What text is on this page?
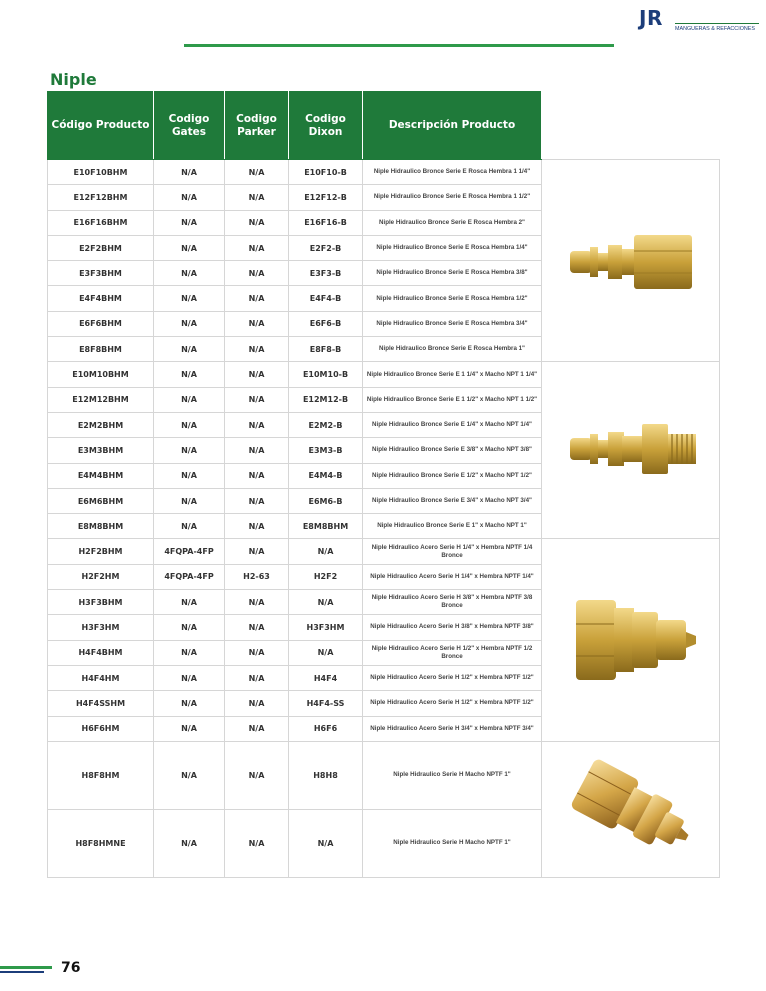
JR MANGUERAS & REFACCIONES
Niple
Código Producto	Codigo Gates	Codigo Parker	Codigo Dixon	Descripción Producto	
E10F10BHM	N/A	N/A	E10F10-B	Niple Hidraulico Bronce Serie E Rosca Hembra 1 1/4"	

E12F12BHM	N/A	N/A	E12F12-B	Niple Hidraulico Bronce Serie E Rosca Hembra 1 1/2"	
E16F16BHM	N/A	N/A	E16F16-B	Niple Hidraulico Bronce Serie E Rosca Hembra 2"	
E2F2BHM	N/A	N/A	E2F2-B	Niple Hidraulico Bronce Serie E Rosca Hembra 1/4"	
E3F3BHM	N/A	N/A	E3F3-B	Niple Hidraulico Bronce Serie E Rosca Hembra 3/8"	
E4F4BHM	N/A	N/A	E4F4-B	Niple Hidraulico Bronce Serie E Rosca Hembra 1/2"	
E6F6BHM	N/A	N/A	E6F6-B	Niple Hidraulico Bronce Serie E Rosca Hembra 3/4"	
E8F8BHM	N/A	N/A	E8F8-B	Niple Hidraulico Bronce Serie E Rosca Hembra 1"	
E10M10BHM	N/A	N/A	E10M10-B	Niple Hidraulico Bronce Serie E 1 1/4" x Macho NPT 1 1/4"	

E12M12BHM	N/A	N/A	E12M12-B	Niple Hidraulico Bronce Serie E 1 1/2" x Macho NPT 1 1/2"	
E2M2BHM	N/A	N/A	E2M2-B	Niple Hidraulico Bronce Serie E 1/4" x Macho NPT 1/4"	
E3M3BHM	N/A	N/A	E3M3-B	Niple Hidraulico Bronce Serie E 3/8" x Macho NPT 3/8"	
E4M4BHM	N/A	N/A	E4M4-B	Niple Hidraulico Bronce Serie E 1/2" x Macho NPT 1/2"	
E6M6BHM	N/A	N/A	E6M6-B	Niple Hidraulico Bronce Serie E 3/4" x Macho NPT 3/4"	
E8M8BHM	N/A	N/A	E8M8BHM	Niple Hidraulico Bronce Serie E 1" x Macho NPT 1"	
H2F2BHM	4FQPA-4FP	N/A	N/A	Niple Hidraulico Acero Serie H 1/4" x Hembra NPTF 1/4 Bronce	

H2F2HM	4FQPA-4FP	H2-63	H2F2	Niple Hidraulico Acero Serie H 1/4" x Hembra NPTF 1/4"	
H3F3BHM	N/A	N/A	N/A	Niple Hidraulico Acero Serie H 3/8" x Hembra NPTF 3/8 Bronce	
H3F3HM	N/A	N/A	H3F3HM	Niple Hidraulico Acero Serie H 3/8" x Hembra NPTF 3/8"	
H4F4BHM	N/A	N/A	N/A	Niple Hidraulico Acero Serie H 1/2" x Hembra NPTF 1/2 Bronce	
H4F4HM	N/A	N/A	H4F4	Niple Hidraulico Acero Serie H 1/2" x Hembra NPTF 1/2"	
H4F4SSHM	N/A	N/A	H4F4-SS	Niple Hidraulico Acero Serie H 1/2" x Hembra NPTF 1/2"	
H6F6HM	N/A	N/A	H6F6	Niple Hidraulico Acero Serie H 3/4" x Hembra NPTF 3/4"	
H8F8HM	N/A	N/A	H8H8	Niple Hidraulico Serie H Macho NPTF 1"	

H8F8HMNE	N/A	N/A	N/A	Niple Hidraulico Serie H Macho NPTF 1"	
76
